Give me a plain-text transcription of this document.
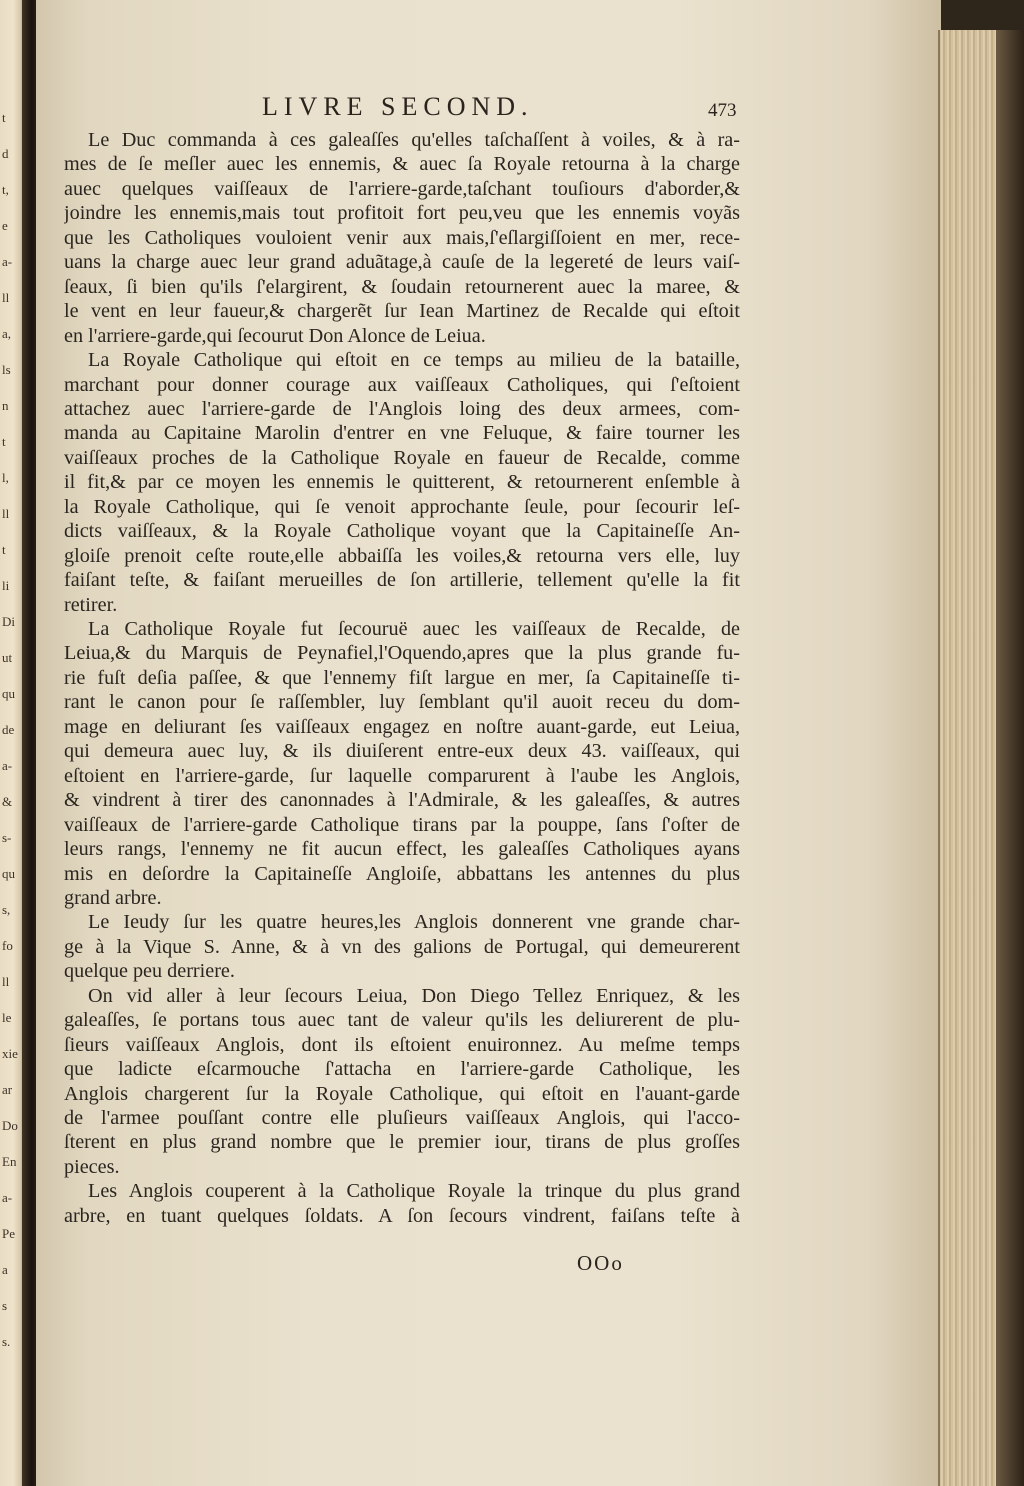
t
d
t,
e
a-
ll
a,
ls
n
t
l,
ll
t
li
Di
ut
qu
de
a-
&
s-
qu
s,
fo
ll
le
xie
ar
Do
En
a-
Pe
a
s
s.
LIVRE SECOND.	473
Le Duc commanda à ces galeaſſes qu'elles taſchaſſent à voiles, & à ra-
mes de ſe meſler auec les ennemis, & auec ſa Royale retourna à la charge
auec quelques vaiſſeaux de l'arriere-garde,taſchant touſiours d'aborder,&
joindre les ennemis,mais tout profitoit fort peu,veu que les ennemis voyãs
que les Catholiques vouloient venir aux mais,ſ'eſlargiſſoient en mer, rece-
uans la charge auec leur grand aduãtage,à cauſe de la legereté de leurs vaiſ-
ſeaux, ſi bien qu'ils ſ'elargirent, & ſoudain retournerent auec la maree, &
le vent en leur faueur,& chargerẽt ſur Iean Martinez de Recalde qui eſtoit
en l'arriere-garde,qui ſecourut Don Alonce de Leiua.
La Royale Catholique qui eſtoit en ce temps au milieu de la bataille,
marchant pour donner courage aux vaiſſeaux Catholiques, qui ſ'eſtoient
attachez auec l'arriere-garde de l'Anglois loing des deux armees, com-
manda au Capitaine Marolin d'entrer en vne Feluque, & faire tourner les
vaiſſeaux proches de la Catholique Royale en faueur de Recalde, comme
il fit,& par ce moyen les ennemis le quitterent, & retournerent enſemble à
la Royale Catholique, qui ſe venoit approchante ſeule, pour ſecourir leſ-
dicts vaiſſeaux, & la Royale Catholique voyant que la Capitaineſſe An-
gloiſe prenoit ceſte route,elle abbaiſſa les voiles,& retourna vers elle, luy
faiſant teſte, & faiſant merueilles de ſon artillerie, tellement qu'elle la fit
retirer.
La Catholique Royale fut ſecouruë auec les vaiſſeaux de Recalde, de
Leiua,& du Marquis de Peynafiel,l'Oquendo,apres que la plus grande fu-
rie fuſt deſia paſſee, & que l'ennemy fiſt largue en mer, ſa Capitaineſſe ti-
rant le canon pour ſe raſſembler, luy ſemblant qu'il auoit receu du dom-
mage en deliurant ſes vaiſſeaux engagez en noſtre auant-garde, eut Leiua,
qui demeura auec luy, & ils diuiſerent entre-eux deux 43. vaiſſeaux, qui
eſtoient en l'arriere-garde, ſur laquelle comparurent à l'aube les Anglois,
& vindrent à tirer des canonnades à l'Admirale, & les galeaſſes, & autres
vaiſſeaux de l'arriere-garde Catholique tirans par la pouppe, ſans ſ'oſter de
leurs rangs, l'ennemy ne fit aucun effect, les galeaſſes Catholiques ayans
mis en deſordre la Capitaineſſe Angloiſe, abbattans les antennes du plus
grand arbre.
Le Ieudy ſur les quatre heures,les Anglois donnerent vne grande char-
ge à la Vique S. Anne, & à vn des galions de Portugal, qui demeurerent
quelque peu derriere.
On vid aller à leur ſecours Leiua, Don Diego Tellez Enriquez, & les
galeaſſes, ſe portans tous auec tant de valeur qu'ils les deliurerent de plu-
ſieurs vaiſſeaux Anglois, dont ils eſtoient enuironnez. Au meſme temps
que ladicte eſcarmouche ſ'attacha en l'arriere-garde Catholique, les
Anglois chargerent ſur la Royale Catholique, qui eſtoit en l'auant-garde
de l'armee pouſſant contre elle pluſieurs vaiſſeaux Anglois, qui l'acco-
ſterent en plus grand nombre que le premier iour, tirans de plus groſſes
pieces.
Les Anglois couperent à la Catholique Royale la trinque du plus grand
arbre, en tuant quelques ſoldats. A ſon ſecours vindrent, faiſans teſte à
OOo
